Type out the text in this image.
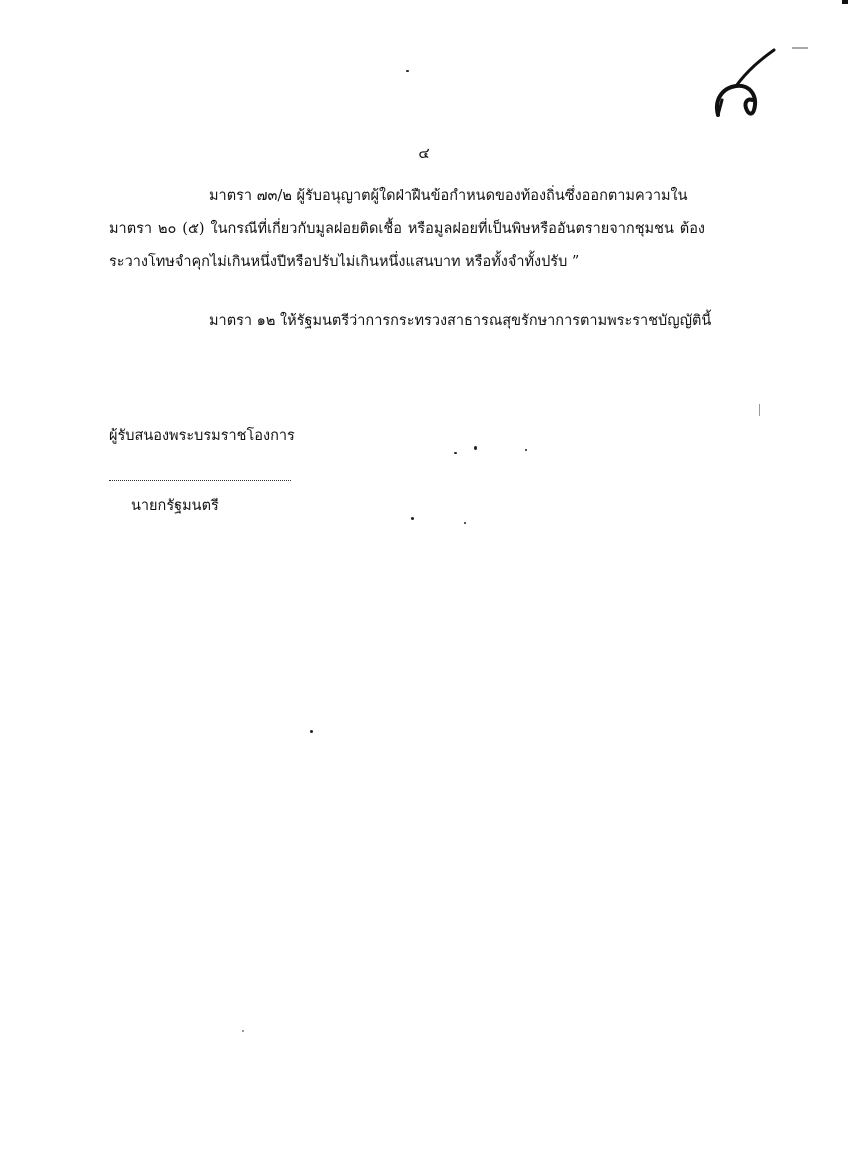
๔
มาตรา ๗๓/๒ ผู้รับอนุญาตผู้ใดฝ่าฝืนข้อกำหนดของท้องถิ่นซึ่งออกตามความใน
มาตรา ๒๐ (๕) ในกรณีที่เกี่ยวกับมูลฝอยติดเชื้อ หรือมูลฝอยที่เป็นพิษหรืออันตรายจากชุมชน ต้อง
ระวางโทษจำคุกไม่เกินหนึ่งปีหรือปรับไม่เกินหนึ่งแสนบาท หรือทั้งจำทั้งปรับ ”
มาตรา ๑๒ ให้รัฐมนตรีว่าการกระทรวงสาธารณสุขรักษาการตามพระราชบัญญัตินี้
ผู้รับสนองพระบรมราชโองการ
นายกรัฐมนตรี
